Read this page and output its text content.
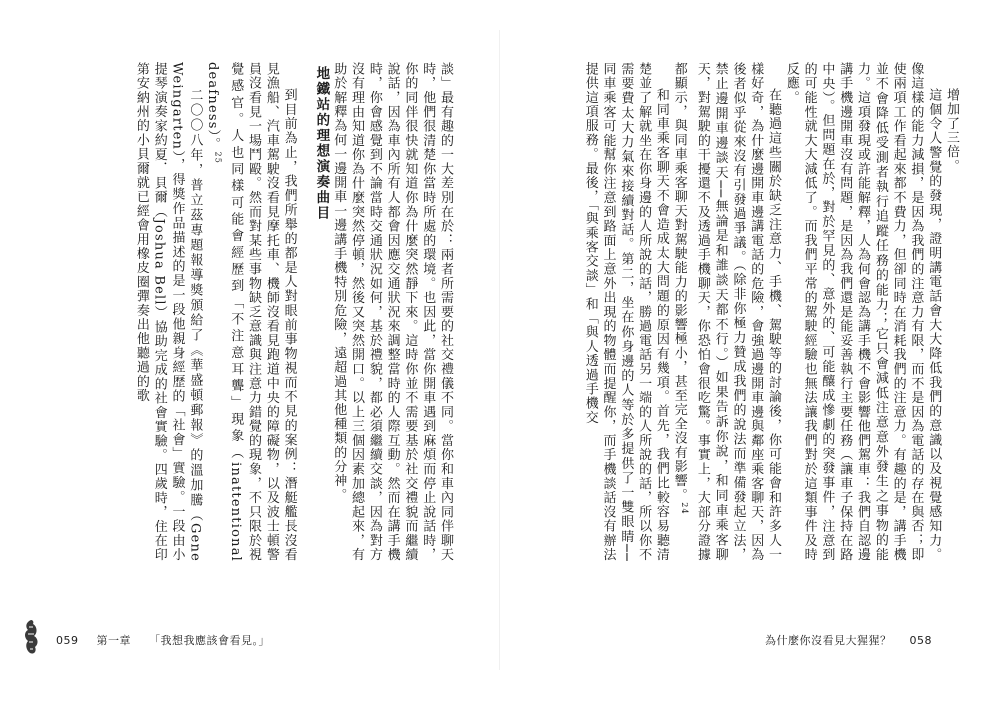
談」最有趣的一大差別在於：兩者所需要的社交禮儀不同。當你和車內同伴聊天時，他們很清楚你當時所處的環境。也因此，當你開車遇到麻煩而停止說話時，你的同伴很快就知道你為什麼突然靜下來。這時你並不需要基於社交禮貌而繼續說話，因為車內所有人都會因應交通狀況來調整當時的人際互動。然而在講手機時，你會感覺到不論當時交通狀況如何，基於禮貌，都必須繼續交談，因為對方沒有理由知道你為什麼突然停頓，然後又突然開口。以上三個因素加總起來，有助於解釋為何一邊開車一邊講手機特別危險，遠超過其他種類的分神。

地鐵站的理想演奏曲目

到目前為止，我們所舉的都是人對眼前事物視而不見的案例：潛艇艦長沒看見漁船、汽車駕駛沒看見摩托車、機師沒看見跑道中央的障礙物，以及波士頓警員沒看見一場鬥毆。然而對某些事物缺乏意識與注意力錯覺的現象，不只限於視覺感官。人也同樣可能會經歷到「不注意耳聾」現象（inattentional deafness）。$^{25}$

二〇〇八年，普立茲專題報導獎頒給了《華盛頓郵報》的溫加騰（Gene Weingarten），得獎作品描述的是一段他親身經歷的「社會」實驗。一段由小提琴演奏家約夏．貝爾（Joshua Bell）協助完成的社會實驗。四歲時，住在印第安納州的小貝爾就已經會用橡皮圈彈奏出他聽過的歌

059 第一章 「我想我應該會看見。」

增加了三倍。

這個令人警覺的發現，證明講電話會大大降低我們的意識以及視覺感知力。像這樣的能力減損，是因為我們的注意力有限，而不是因為電話的存在與否；即使兩項工作看起來都不費力，但卻同時在消耗我們的注意力。有趣的是，講手機並不會降低受測者執行追蹤任務的能力；它只會減低注意意外發生之事物的能力。這項發現或許能解釋，人為何會認為講手機不會影響他們駕車：我們自認邊講手機邊開車沒有問題，是因為我們還是能妥善執行主要任務（讓車子保持在路中央）。但問題在於，對於罕見的、意外的、可能釀成慘劇的突發事件，注意到的可能性就大大減低了。而我們平常的駕駛經驗也無法讓我們對於這類事件及時反應。

在聽過這些關於缺乏注意力、手機、駕駛等的討論後，你可能會和許多人一樣好奇，為什麼邊開車邊講電話的危險，會強過邊開車邊與鄰座乘客聊天，因為後者似乎從來沒有引發過爭議。（除非你極力贊成我們的說法而準備發起立法，禁止邊開車邊談天──無論是和誰談天都不行。）如果告訴你說，和同車乘客聊天，對駕駛的干擾還不及透過手機聊天，你恐怕會很吃驚。事實上，大部分證據都顯示，與同車乘客聊天對駕駛能力的影響極小，甚至完全沒有影響。$^{24}$

和同車乘客聊天不會造成太大問題的原因有幾項。首先，我們比較容易聽清楚並了解就坐在你身邊的人所說的話，勝過電話另一端的人所說的話，所以你不需要費太大力氣來接續對話。第二，坐在你身邊的人等於多提供了一雙眼睛──同車乘客可能幫你注意到路面上意外出現的物體而提醒你，而手機談話沒有辦法提供這項服務。最後，「與乘客交談」和「與人透過手機交

為什麼你沒看見大猩猩？ 058
